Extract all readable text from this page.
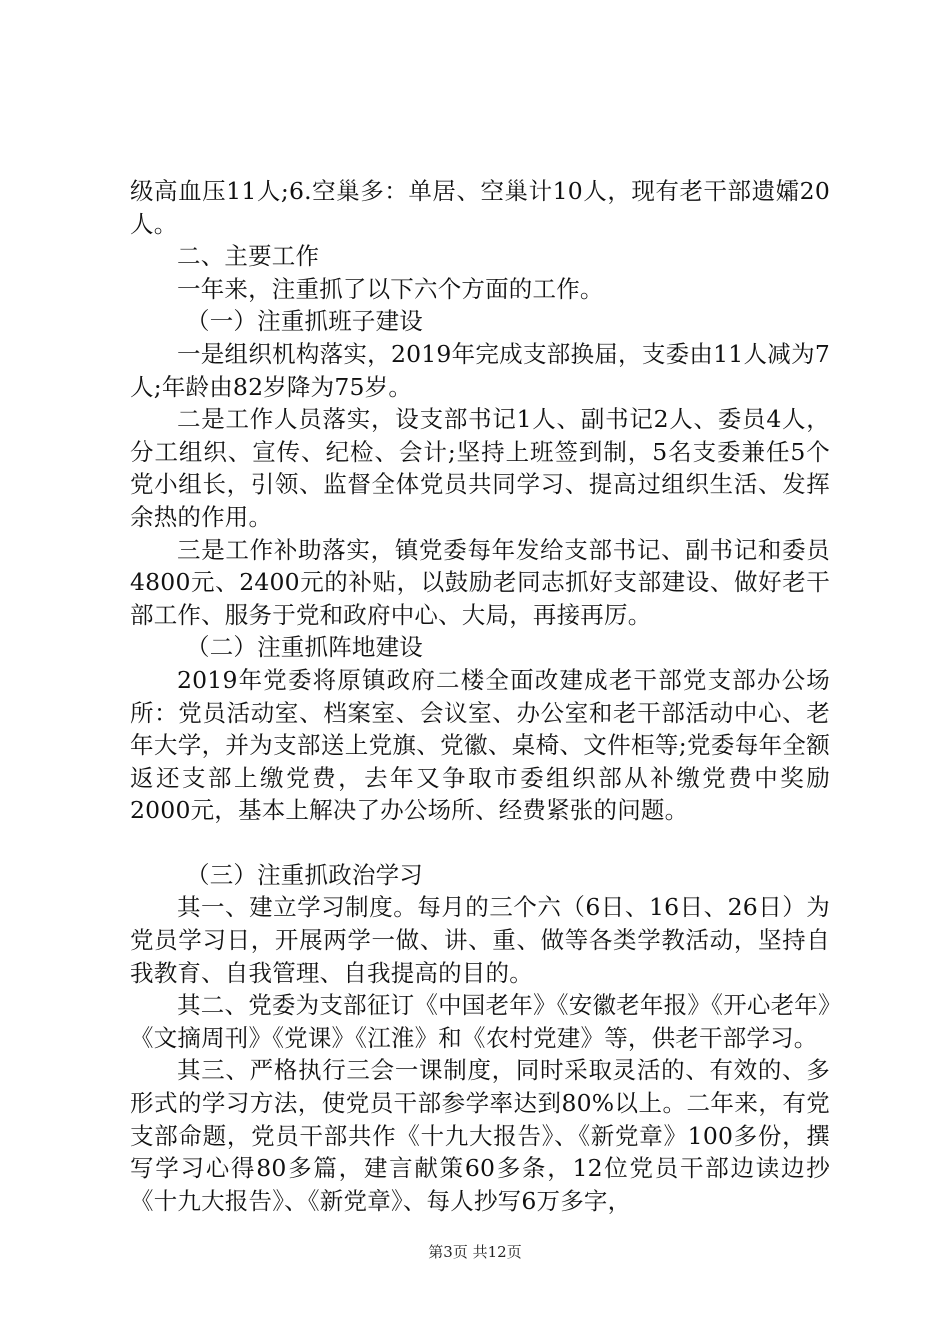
级高血压11人;6.空巢多：单居、空巢计10人，现有老干部遗孀20人。

二、主要工作

一年来，注重抓了以下六个方面的工作。

（一）注重抓班子建设

一是组织机构落实，2019年完成支部换届，支委由11人减为7人;年龄由82岁降为75岁。

二是工作人员落实，设支部书记1人、副书记2人、委员4人，分工组织、宣传、纪检、会计;坚持上班签到制，5名支委兼任5个党小组长，引领、监督全体党员共同学习、提高过组织生活、发挥余热的作用。

三是工作补助落实，镇党委每年发给支部书记、副书记和委员4800元、2400元的补贴，以鼓励老同志抓好支部建设、做好老干部工作、服务于党和政府中心、大局，再接再厉。

（二）注重抓阵地建设

2019年党委将原镇政府二楼全面改建成老干部党支部办公场所：党员活动室、档案室、会议室、办公室和老干部活动中心、老年大学，并为支部送上党旗、党徽、桌椅、文件柜等;党委每年全额返还支部上缴党费，去年又争取市委组织部从补缴党费中奖励2000元，基本上解决了办公场所、经费紧张的问题。

（三）注重抓政治学习

其一、建立学习制度。每月的三个六（6日、16日、26日）为党员学习日，开展两学一做、讲、重、做等各类学教活动，坚持自我教育、自我管理、自我提高的目的。

其二、党委为支部征订《中国老年》《安徽老年报》《开心老年》《文摘周刊》《党课》《江淮》和《农村党建》等，供老干部学习。

其三、严格执行三会一课制度，同时采取灵活的、有效的、多形式的学习方法，使党员干部参学率达到80%以上。二年来，有党支部命题，党员干部共作《十九大报告》、《新党章》100多份，撰写学习心得80多篇，建言献策60多条，12位党员干部边读边抄《十九大报告》、《新党章》、每人抄写6万多字，

第3页 共12页
